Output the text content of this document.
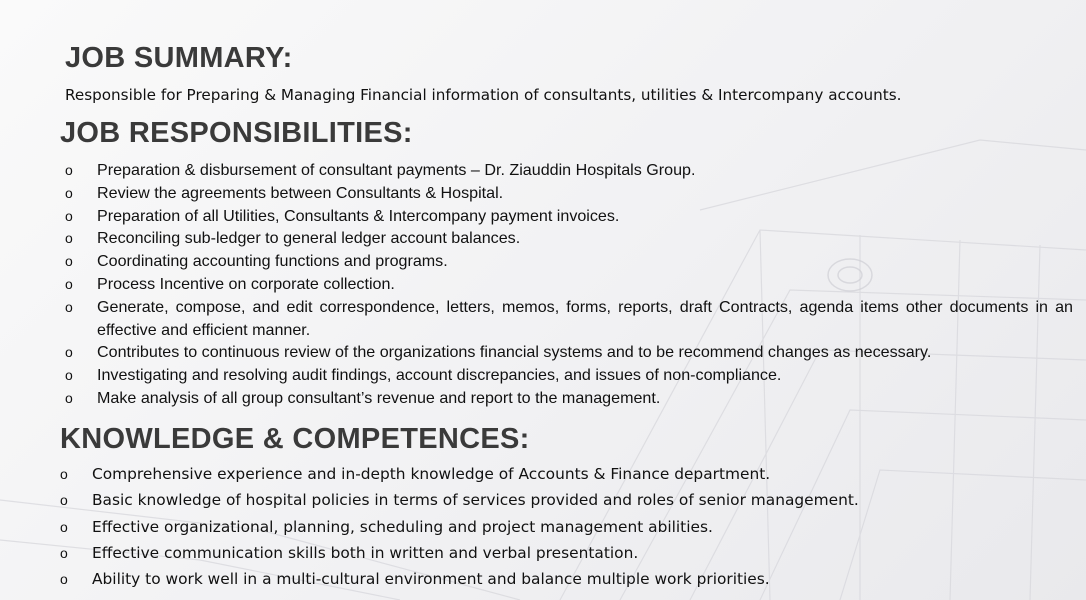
JOB SUMMARY:

Responsible for Preparing & Managing Financial information of consultants, utilities & Intercompany accounts.

JOB RESPONSIBILITIES:
o Preparation & disbursement of consultant payments – Dr. Ziauddin Hospitals Group.
o Review the agreements between Consultants & Hospital.
o Preparation of all Utilities, Consultants & Intercompany payment invoices.
o Reconciling sub-ledger to general ledger account balances.
o Coordinating accounting functions and programs.
o Process Incentive on corporate collection.
o Generate, compose, and edit correspondence, letters, memos, forms, reports, draft Contracts, agenda items other documents in an effective and efficient manner.
o Contributes to continuous review of the organizations financial systems and to be recommend changes as necessary.
o Investigating and resolving audit findings, account discrepancies, and issues of non-compliance.
o Make analysis of all group consultant’s revenue and report to the management.
KNOWLEDGE & COMPETENCES:
o Comprehensive experience and in-depth knowledge of Accounts & Finance department.
o Basic knowledge of hospital policies in terms of services provided and roles of senior management.
o Effective organizational, planning, scheduling and project management abilities.
o Effective communication skills both in written and verbal presentation.
o Ability to work well in a multi-cultural environment and balance multiple work priorities.
